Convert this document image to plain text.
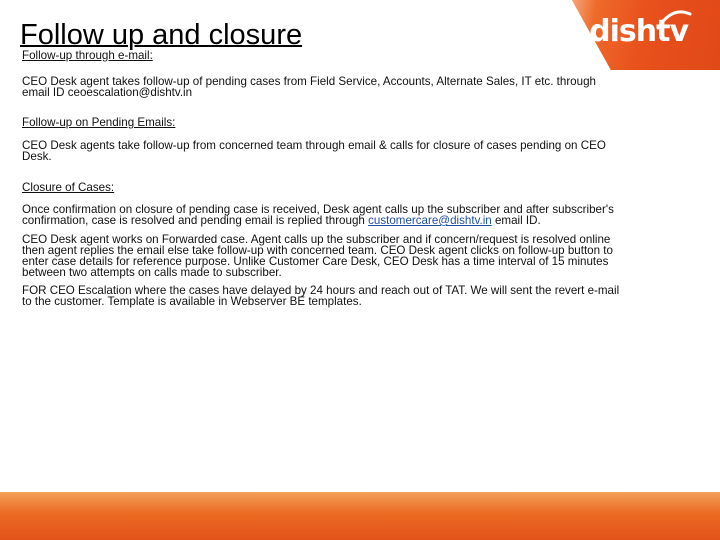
dishtv
Follow up and closure

Follow-up through e-mail:

CEO Desk agent takes follow-up of pending cases from Field Service, Accounts, Alternate Sales, IT etc. through email ID ceoescalation@dishtv.in

Follow-up on Pending Emails:

CEO Desk agents take follow-up from concerned team through email & calls for closure of cases pending on CEO Desk.

Closure of Cases:

Once confirmation on closure of pending case is received, Desk agent calls up the subscriber and after subscriber's confirmation, case is resolved and pending email is replied through customercare@dishtv.in email ID.

CEO Desk agent works on Forwarded case. Agent calls up the subscriber and if concern/request is resolved online then agent replies the email else take follow-up with concerned team. CEO Desk agent clicks on follow-up button to enter case details for reference purpose. Unlike Customer Care Desk, CEO Desk has a time interval of 15 minutes between two attempts on calls made to subscriber.

FOR CEO Escalation where the cases have delayed by 24 hours and reach out of TAT. We will sent the revert e-mail to the customer. Template is available in Webserver BE templates.
